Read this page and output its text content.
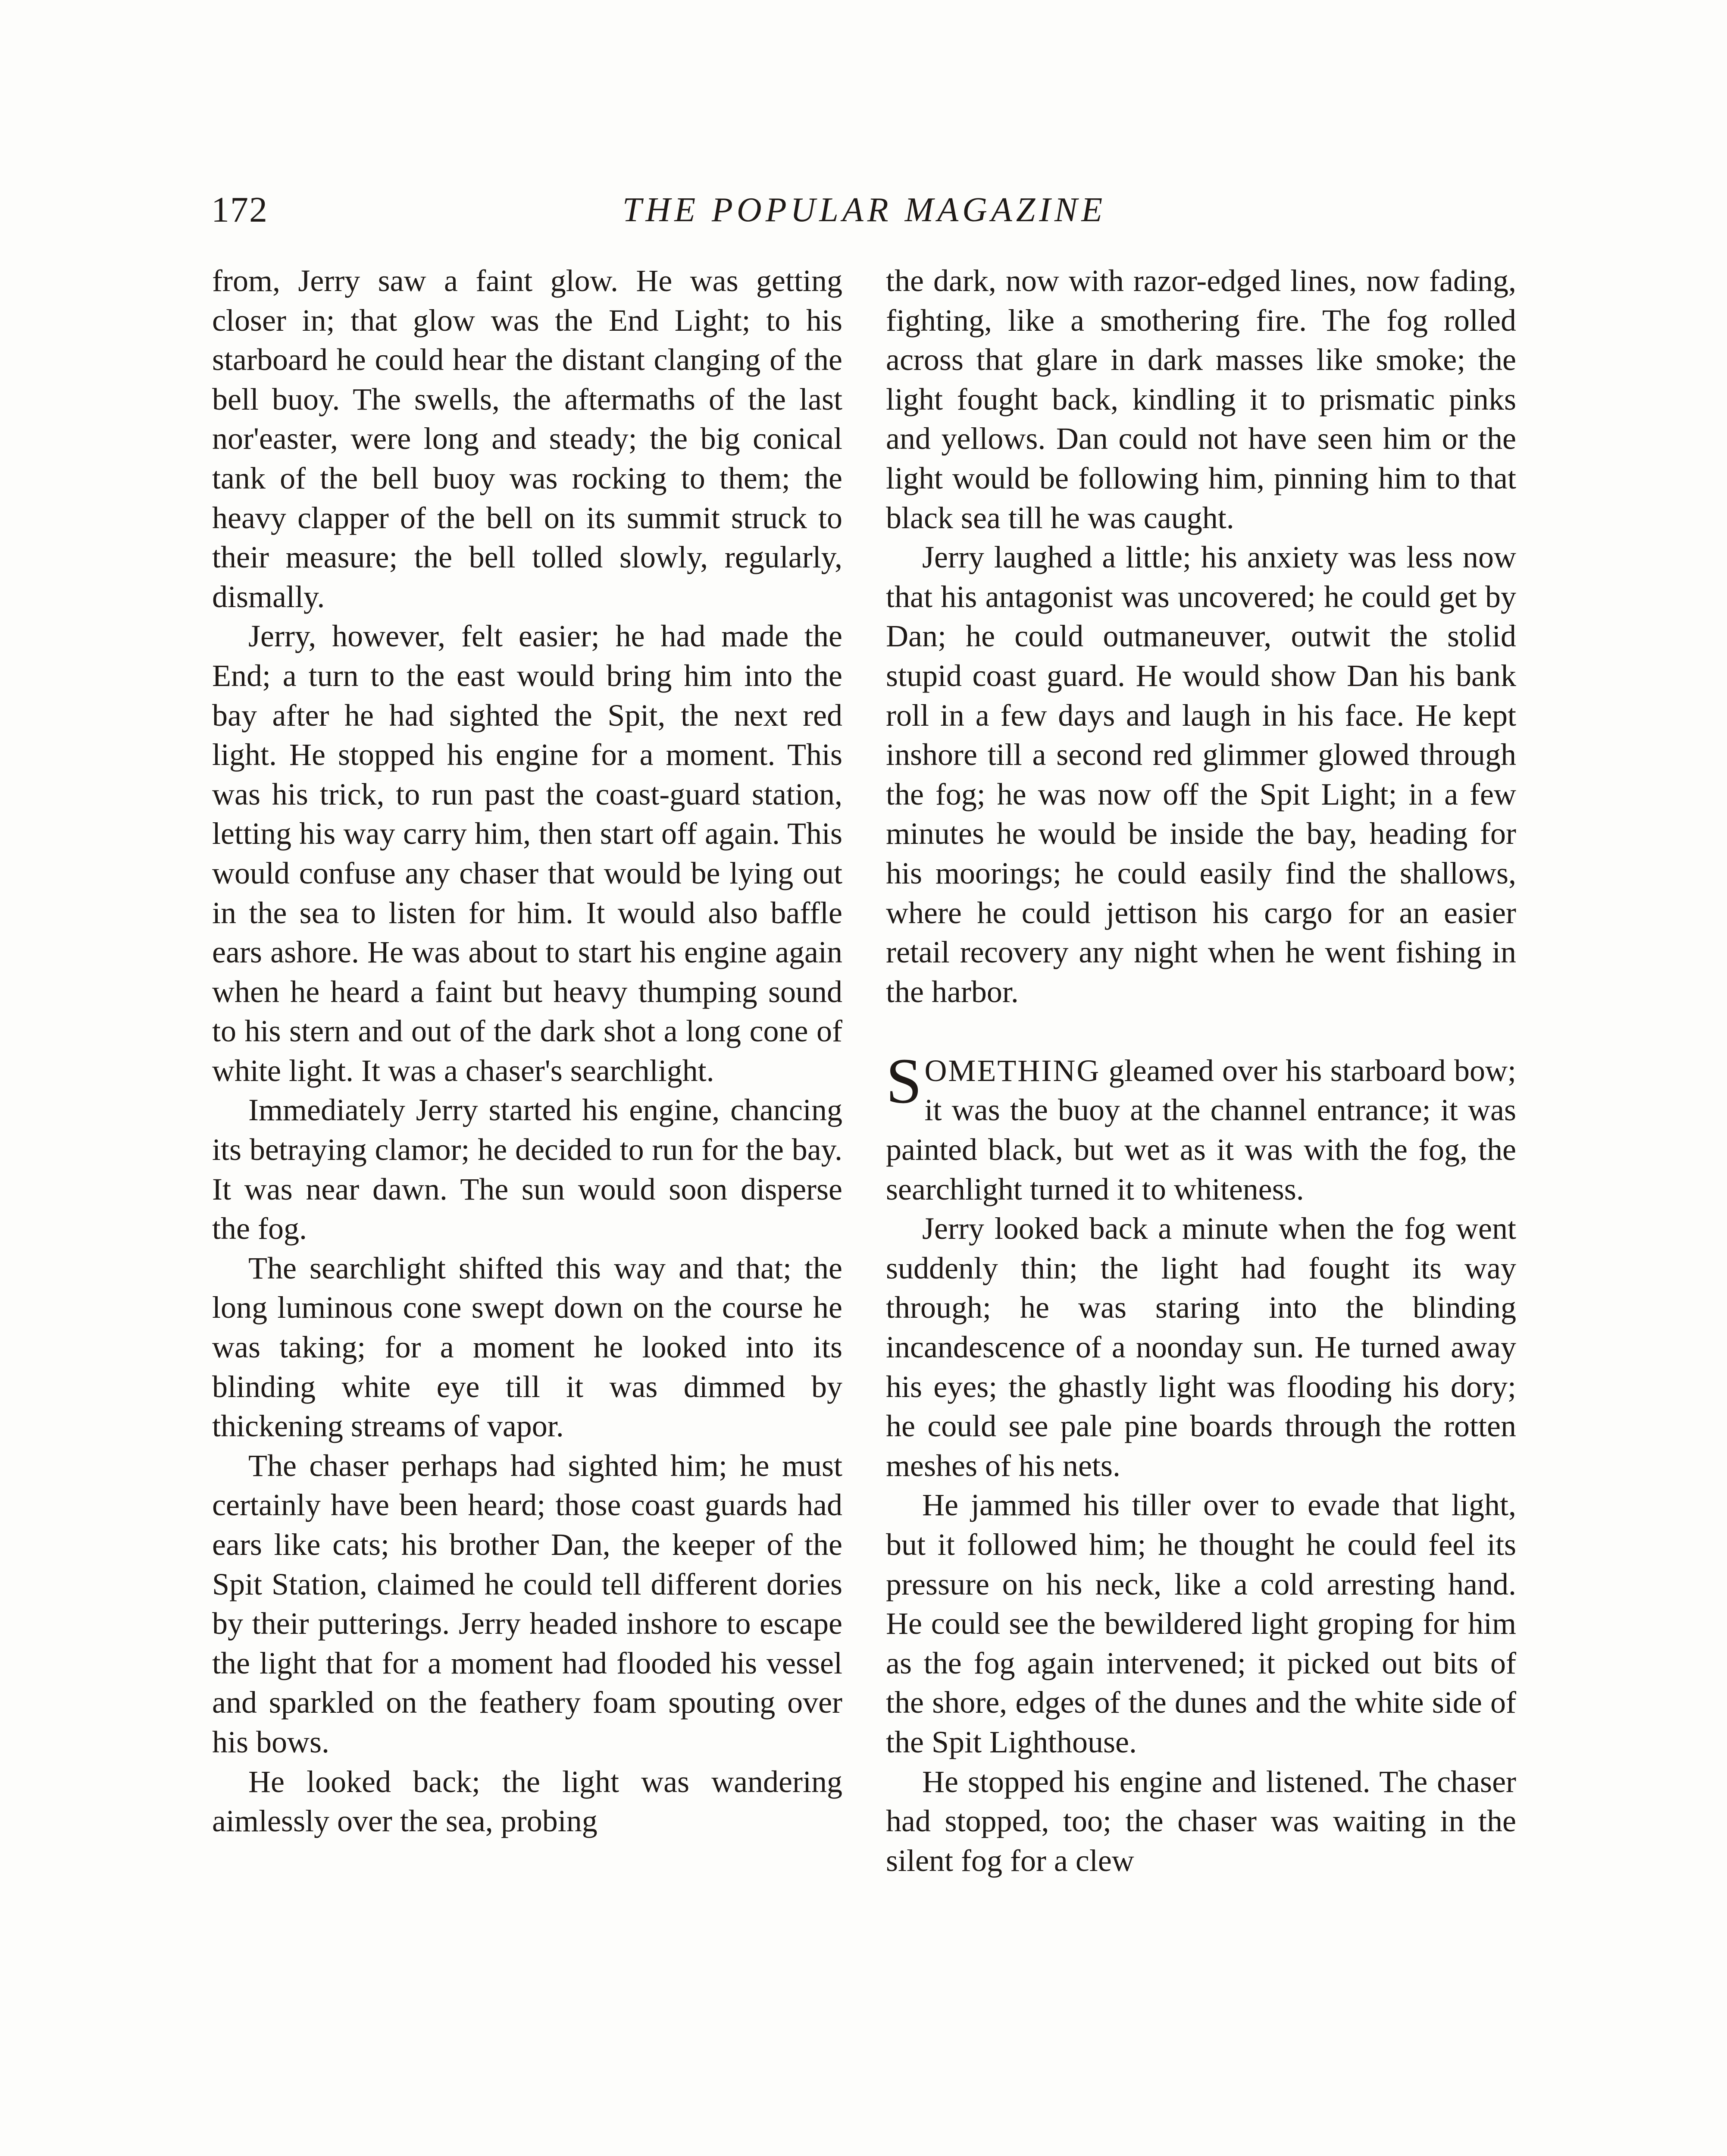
172	THE POPULAR MAGAZINE

from, Jerry saw a faint glow. He was getting closer in; that glow was the End Light; to his starboard he could hear the distant clanging of the bell buoy. The swells, the aftermaths of the last nor'easter, were long and steady; the big conical tank of the bell buoy was rocking to them; the heavy clapper of the bell on its summit struck to their measure; the bell tolled slowly, regularly, dismally.

Jerry, however, felt easier; he had made the End; a turn to the east would bring him into the bay after he had sighted the Spit, the next red light. He stopped his engine for a moment. This was his trick, to run past the coast-guard station, letting his way carry him, then start off again. This would confuse any chaser that would be lying out in the sea to listen for him. It would also baffle ears ashore. He was about to start his engine again when he heard a faint but heavy thumping sound to his stern and out of the dark shot a long cone of white light. It was a chaser's searchlight.

Immediately Jerry started his engine, chancing its betraying clamor; he decided to run for the bay. It was near dawn. The sun would soon disperse the fog.

The searchlight shifted this way and that; the long luminous cone swept down on the course he was taking; for a moment he looked into its blinding white eye till it was dimmed by thickening streams of vapor.

The chaser perhaps had sighted him; he must certainly have been heard; those coast guards had ears like cats; his brother Dan, the keeper of the Spit Station, claimed he could tell different dories by their putterings. Jerry headed inshore to escape the light that for a moment had flooded his vessel and sparkled on the feathery foam spouting over his bows.

He looked back; the light was wandering aimlessly over the sea, probing

the dark, now with razor-edged lines, now fading, fighting, like a smothering fire. The fog rolled across that glare in dark masses like smoke; the light fought back, kindling it to prismatic pinks and yellows. Dan could not have seen him or the light would be following him, pinning him to that black sea till he was caught.

Jerry laughed a little; his anxiety was less now that his antagonist was uncovered; he could get by Dan; he could outmaneuver, outwit the stolid stupid coast guard. He would show Dan his bank roll in a few days and laugh in his face. He kept inshore till a second red glimmer glowed through the fog; he was now off the Spit Light; in a few minutes he would be inside the bay, heading for his moorings; he could easily find the shallows, where he could jettison his cargo for an easier retail recovery any night when he went fishing in the harbor.

SOMETHING gleamed over his starboard bow; it was the buoy at the channel entrance; it was painted black, but wet as it was with the fog, the searchlight turned it to whiteness.

Jerry looked back a minute when the fog went suddenly thin; the light had fought its way through; he was staring into the blinding incandescence of a noonday sun. He turned away his eyes; the ghastly light was flooding his dory; he could see pale pine boards through the rotten meshes of his nets.

He jammed his tiller over to evade that light, but it followed him; he thought he could feel its pressure on his neck, like a cold arresting hand. He could see the bewildered light groping for him as the fog again intervened; it picked out bits of the shore, edges of the dunes and the white side of the Spit Lighthouse.

He stopped his engine and listened. The chaser had stopped, too; the chaser was waiting in the silent fog for a clew
